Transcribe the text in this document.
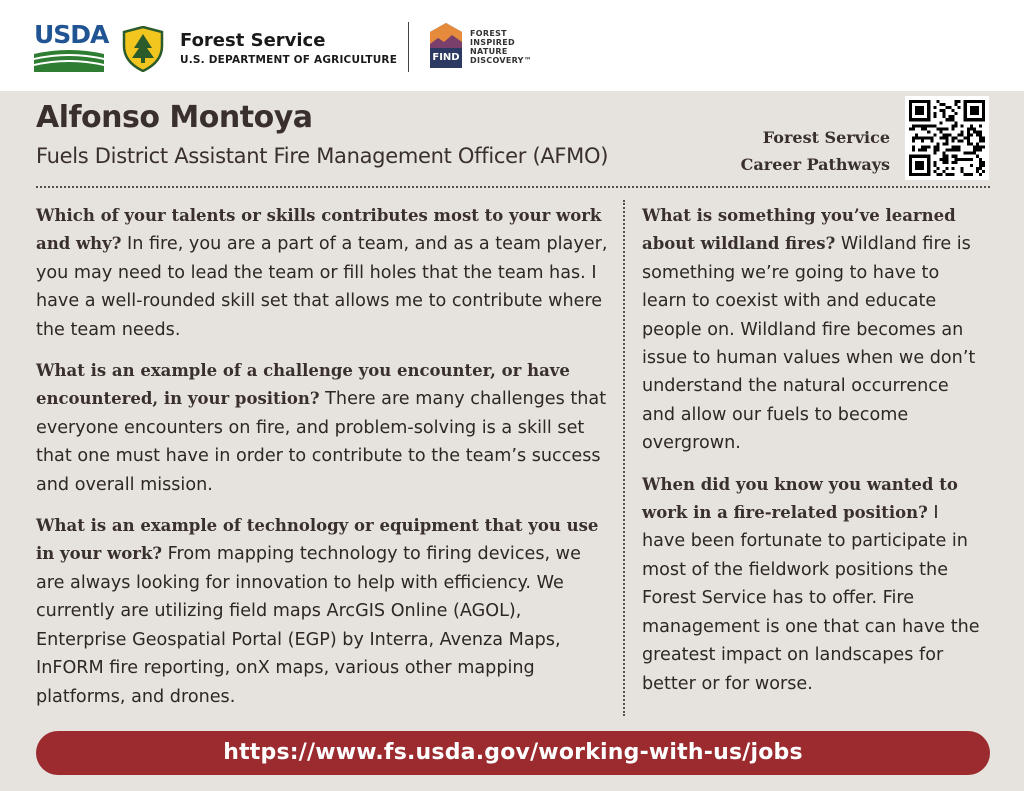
USDA	Forest Service
U.S. DEPARTMENT OF AGRICULTURE	FIND
FOREST
INSPIRED
NATURE
DISCOVERY™
Alfonso Montoya
Fuels District Assistant Fire Management Officer (AFMO)
Forest Service
Career Pathways

Which of your talents or skills contributes most to your work and why? In fire, you are a part of a team, and as a team player, you may need to lead the team or fill holes that the team has. I have a well-rounded skill set that allows me to contribute where the team needs.

What is an example of a challenge you encounter, or have encountered, in your position? There are many challenges that everyone encounters on fire, and problem-solving is a skill set that one must have in order to contribute to the team’s success and overall mission.

What is an example of technology or equipment that you use in your work? From mapping technology to firing devices, we are always looking for innovation to help with efficiency. We currently are utilizing field maps ArcGIS Online (AGOL), Enterprise Geospatial Portal (EGP) by Interra, Avenza Maps, InFORM fire reporting, onX maps, various other mapping platforms, and drones.

What is something you’ve learned about wildland fires? Wildland fire is something we’re going to have to learn to coexist with and educate people on. Wildland fire becomes an issue to human values when we don’t understand the natural occurrence and allow our fuels to become overgrown.

When did you know you wanted to work in a fire-related position? I have been fortunate to participate in most of the fieldwork positions the Forest Service has to offer. Fire management is one that can have the greatest impact on landscapes for better or for worse.

https://www.fs.usda.gov/working-with-us/jobs
